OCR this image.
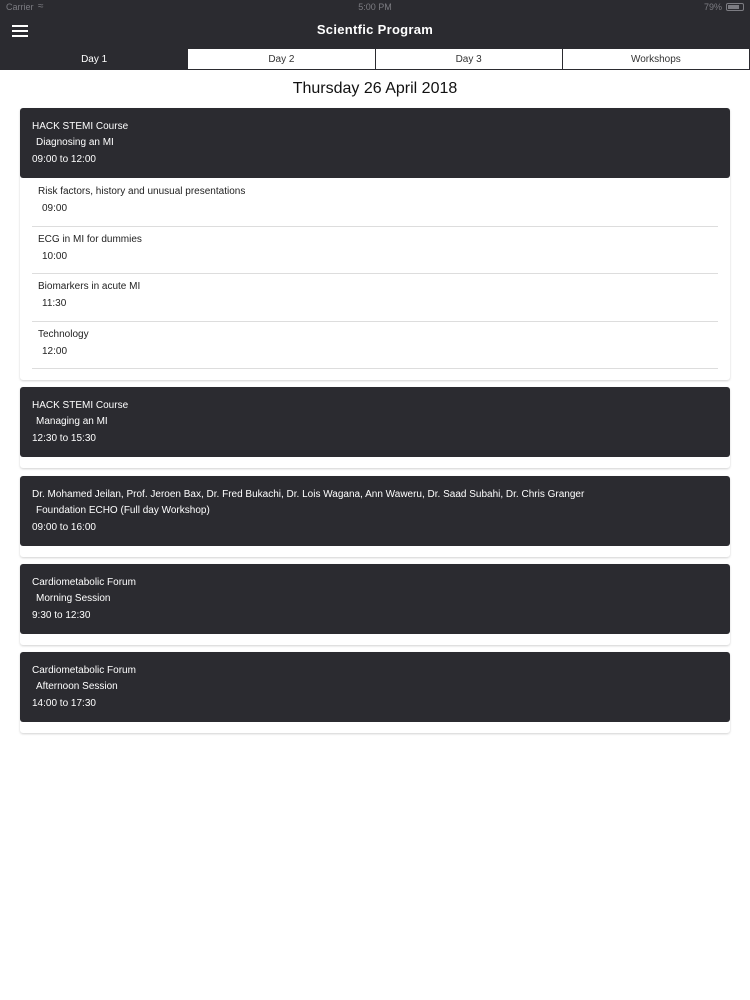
Carrier ≈	5:00 PM	79%
Scientfic Program
Day 1	Day 2	Day 3	Workshops
Thursday 26 April 2018
HACK STEMI Course
Diagnosing an MI
09:00 to 12:00
Risk factors, history and unusual presentations
09:00
ECG in MI for dummies
10:00
Biomarkers in acute MI
11:30
Technology
12:00
HACK STEMI Course
Managing an MI
12:30 to 15:30
Dr. Mohamed Jeilan, Prof. Jeroen Bax, Dr. Fred Bukachi, Dr. Lois Wagana, Ann Waweru, Dr. Saad Subahi, Dr. Chris Granger
Foundation ECHO (Full day Workshop)
09:00 to 16:00
Cardiometabolic Forum
Morning Session
9:30 to 12:30
Cardiometabolic Forum
Afternoon Session
14:00 to 17:30
